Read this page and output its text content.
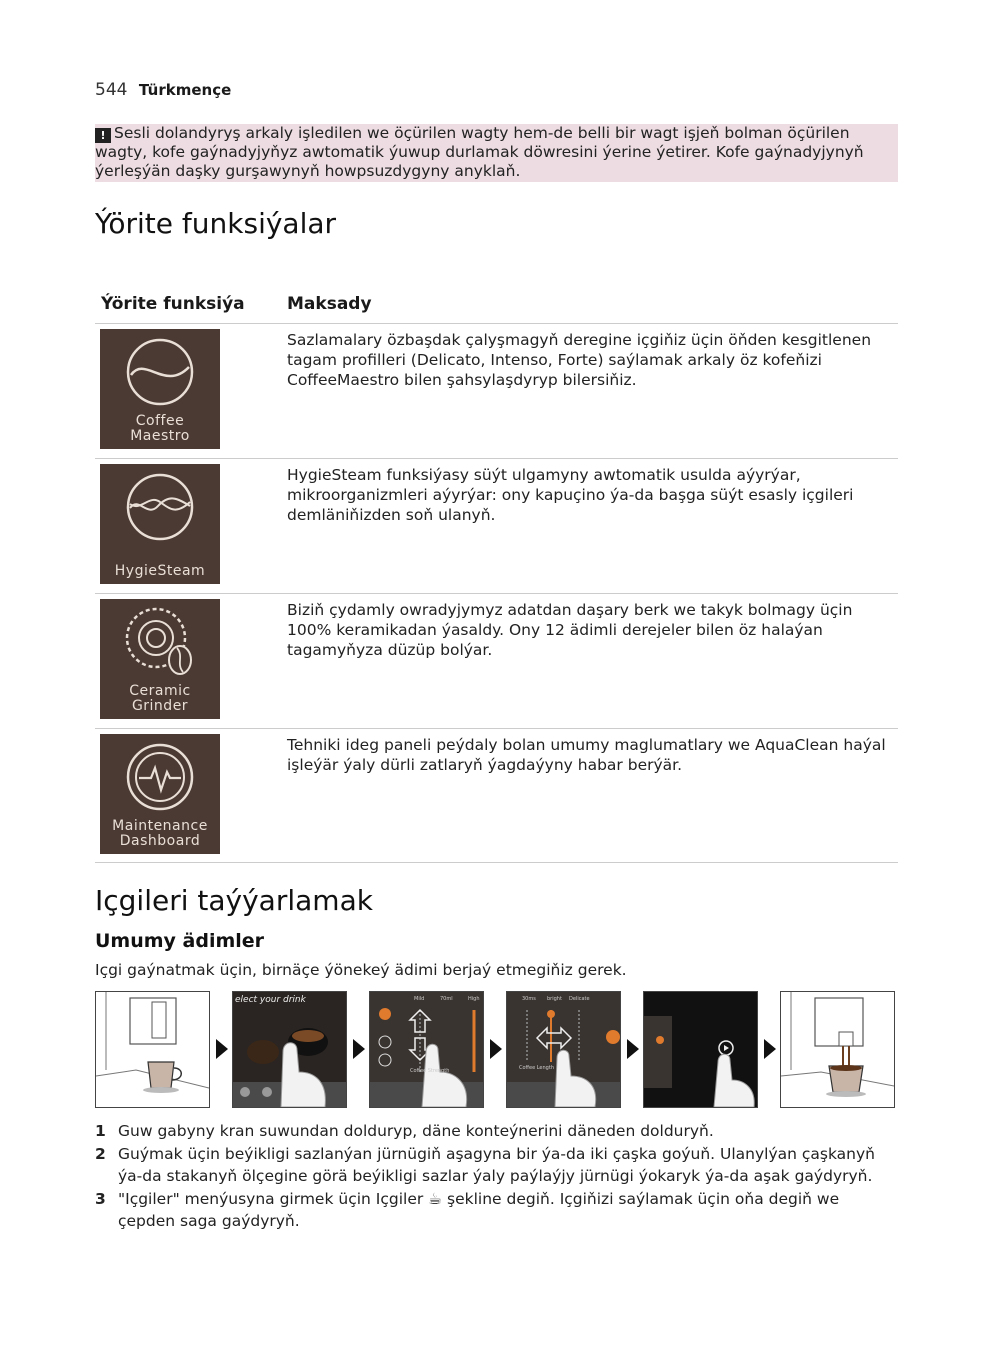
544 Türkmençe
! Sesli dolandyryş arkaly işledilen we öçürilen wagty hem-de belli bir wagt işjeň bolman öçürilen wagty, kofe gaýnadyjyňyz awtomatik ýuwup durlamak döwresini ýerine ýetirer. Kofe gaýnadyjynyň ýerleşýän daşky gurşawynyň howpsuzdygyny anyklaň.
Ýörite funksiýalar
Ýörite funksiýa Maksady
Coffee
Maestro
Sazlamalary özbaşdak çalyşmagyň deregine içgiňiz üçin öňden kesgitlenen tagam profilleri (Delicato, Intenso, Forte) saýlamak arkaly öz kofeňizi CoffeeMaestro bilen şahsylaşdyryp bilersiňiz.
HygieSteam
HygieSteam funksiýasy süýt ulgamyny awtomatik usulda aýyrýar, mikroorganizmleri aýyrýar: ony kapuçino ýa-da başga süýt esasly içgileri demläniňizden soň ulanyň.
Ceramic
Grinder
Biziň çydamly owradyjymyz adatdan daşary berk we takyk bolmagy üçin 100% keramikadan ýasaldy. Ony 12 ädimli derejeler bilen öz halaýan tagamyňyza düzüp bolýar.
Maintenance
Dashboard
Tehniki ideg paneli peýdaly bolan umumy maglumatlary we AquaClean haýal işleýär ýaly dürli zatlaryň ýagdaýyny habar berýär.
Içgileri taýýarlamak
Umumy ädimler
Içgi gaýnatmak üçin, birnäçe ýönekeý ädimi berjaý etmegiňiz gerek.
elect your drink	Mild	70ml	High
Coffee Strength
30ms bright Delicate
Coffee Length
1 Guw gabyny kran suwundan dolduryp, däne konteýnerini däneden dolduryň.
2 Guýmak üçin beýikligi sazlanýan jürnügiň aşagyna bir ýa-da iki çaşka goýuň. Ulanylýan çaşkanyň ýa-da stakanyň ölçegine görä beýikligi sazlar ýaly paýlaýjy jürnügi ýokaryk ýa-da aşak gaýdyryň.
3 "Içgiler" menýusyna girmek üçin Içgiler ☕ şekline degiň. Içgiňizi saýlamak üçin oňa degiň we çepden saga gaýdyryň.
